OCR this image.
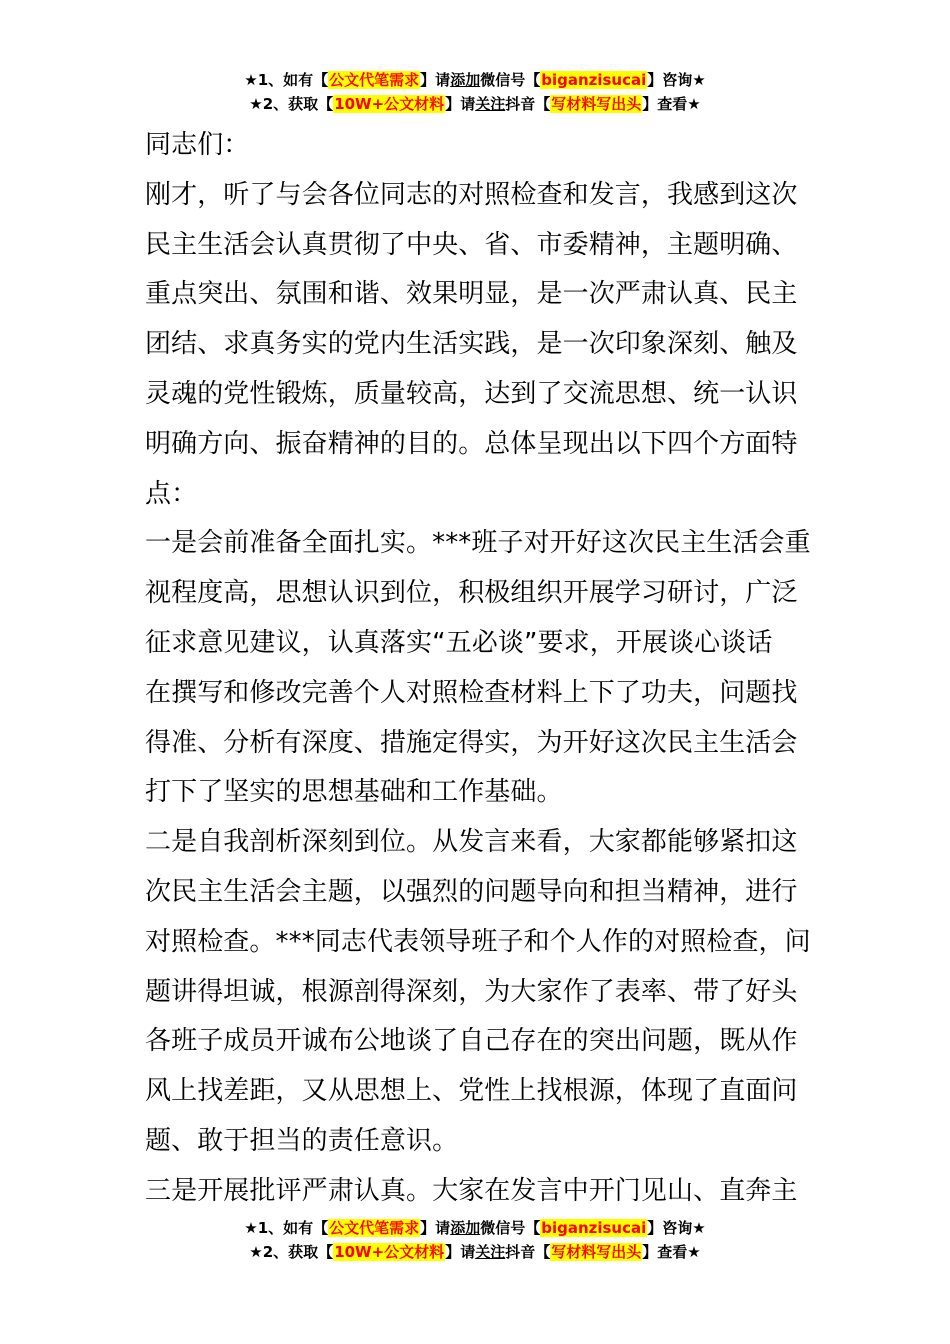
★1、如有【公文代笔需求】请添加微信号【biganzisucai】咨询★
★2、获取【10W+公文材料】请关注抖音【写材料写出头】查看★
同志们：
刚才，听了与会各位同志的对照检查和发言，我感到这次
民主生活会认真贯彻了中央、省、市委精神，主题明确、
重点突出、氛围和谐、效果明显，是一次严肃认真、民主
团结、求真务实的党内生活实践，是一次印象深刻、触及
灵魂的党性锻炼，质量较高，达到了交流思想、统一认识
明确方向、振奋精神的目的。总体呈现出以下四个方面特
点：
一是会前准备全面扎实。***班子对开好这次民主生活会重
视程度高，思想认识到位，积极组织开展学习研讨，广泛
征求意见建议，认真落实“五必谈”要求，开展谈心谈话
在撰写和修改完善个人对照检查材料上下了功夫，问题找
得准、分析有深度、措施定得实，为开好这次民主生活会
打下了坚实的思想基础和工作基础。
二是自我剖析深刻到位。从发言来看，大家都能够紧扣这
次民主生活会主题，以强烈的问题导向和担当精神，进行
对照检查。***同志代表领导班子和个人作的对照检查，问
题讲得坦诚，根源剖得深刻，为大家作了表率、带了好头
各班子成员开诚布公地谈了自己存在的突出问题，既从作
风上找差距，又从思想上、党性上找根源，体现了直面问
题、敢于担当的责任意识。
三是开展批评严肃认真。大家在发言中开门见山、直奔主
★1、如有【公文代笔需求】请添加微信号【biganzisucai】咨询★
★2、获取【10W+公文材料】请关注抖音【写材料写出头】查看★
